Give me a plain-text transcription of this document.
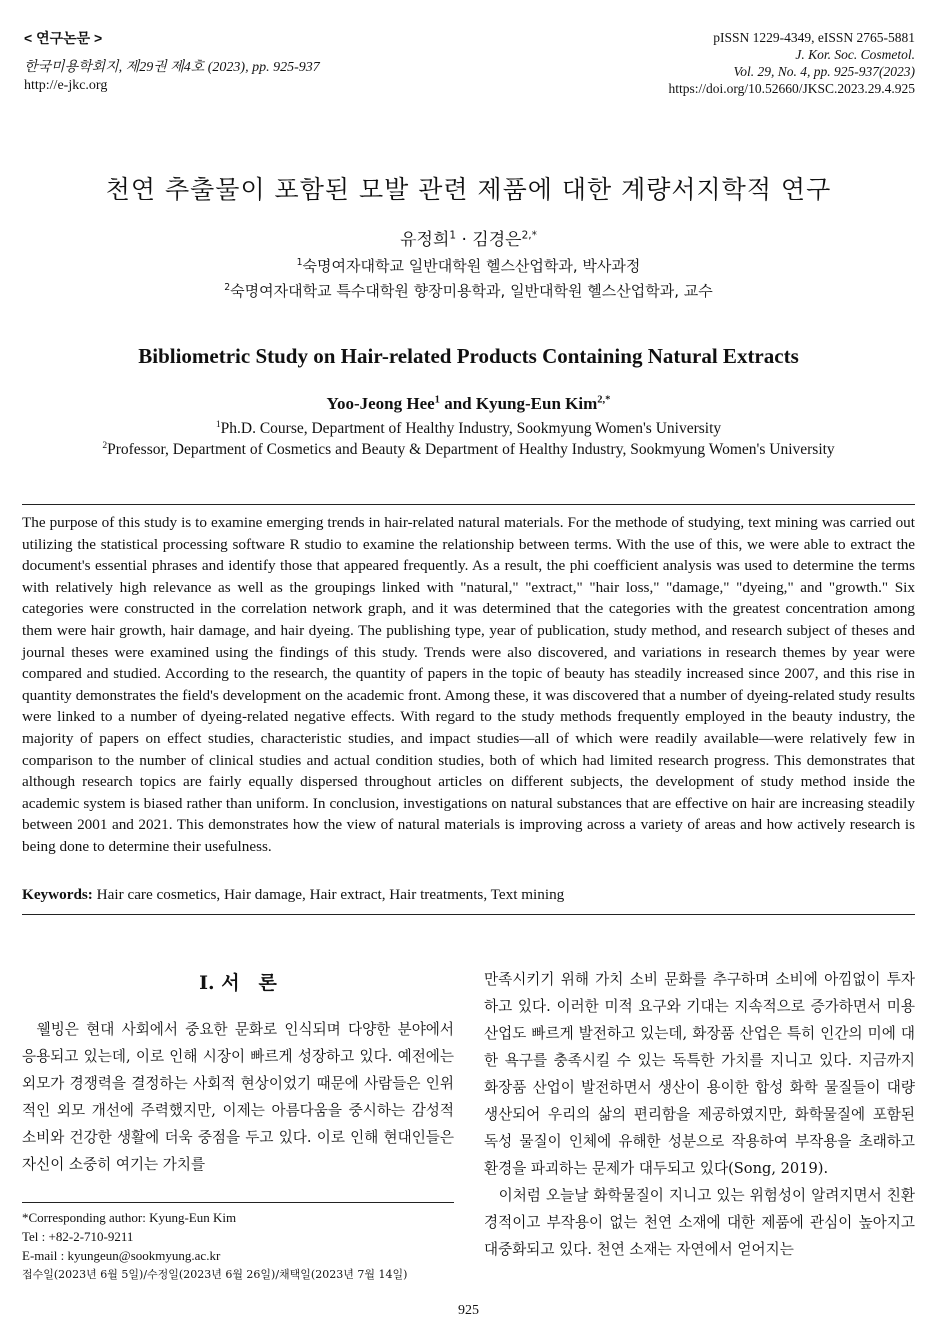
< 연구논문 >
한국미용학회지, 제29권 제4호 (2023), pp. 925-937
http://e-jkc.org
pISSN 1229-4349, eISSN 2765-5881
J. Kor. Soc. Cosmetol.
Vol. 29, No. 4, pp. 925-937(2023)
https://doi.org/10.52660/JKSC.2023.29.4.925
천연 추출물이 포함된 모발 관련 제품에 대한 계량서지학적 연구
유정희$^1$ · 김경은$^{2,*}$
$^1$숙명여자대학교 일반대학원 헬스산업학과, 박사과정
$^2$숙명여자대학교 특수대학원 향장미용학과, 일반대학원 헬스산업학과, 교수
Bibliometric Study on Hair-related Products Containing Natural Extracts
Yoo-Jeong Hee$^1$ and Kyung-Eun Kim$^{2,*}$
$^1$Ph.D. Course, Department of Healthy Industry, Sookmyung Women's University
$^2$Professor, Department of Cosmetics and Beauty & Department of Healthy Industry, Sookmyung Women's University
The purpose of this study is to examine emerging trends in hair-related natural materials. For the methode of studying, text mining was carried out utilizing the statistical processing software R studio to examine the relationship between terms. With the use of this, we were able to extract the document's essential phrases and identify those that appeared frequently. As a result, the phi coefficient analysis was used to determine the terms with relatively high relevance as well as the groupings linked with "natural," "extract," "hair loss," "damage," "dyeing," and "growth." Six categories were constructed in the correlation network graph, and it was determined that the categories with the greatest concentration among them were hair growth, hair damage, and hair dyeing. The publishing type, year of publication, study method, and research subject of theses and journal theses were examined using the findings of this study. Trends were also discovered, and variations in research themes by year were compared and studied. According to the research, the quantity of papers in the topic of beauty has steadily increased since 2007, and this rise in quantity demonstrates the field's development on the academic front. Among these, it was discovered that a number of dyeing-related study results were linked to a number of dyeing-related negative effects. With regard to the study methods frequently employed in the beauty industry, the majority of papers on effect studies, characteristic studies, and impact studies—all of which were readily available—were relatively few in comparison to the number of clinical studies and actual condition studies, both of which had limited research progress. This demonstrates that although research topics are fairly equally dispersed throughout articles on different subjects, the development of study method inside the academic system is biased rather than uniform. In conclusion, investigations on natural substances that are effective on hair are increasing steadily between 2001 and 2021. This demonstrates how the view of natural materials is improving across a variety of areas and how actively research is being done to determine their usefulness.
Keywords: Hair care cosmetics, Hair damage, Hair extract, Hair treatments, Text mining
I. 서　론
웰빙은 현대 사회에서 중요한 문화로 인식되며 다양한 분야에서 응용되고 있는데, 이로 인해 시장이 빠르게 성장하고 있다. 예전에는 외모가 경쟁력을 결정하는 사회적 현상이었기 때문에 사람들은 인위적인 외모 개선에 주력했지만, 이제는 아름다움을 중시하는 감성적 소비와 건강한 생활에 더욱 중점을 두고 있다. 이로 인해 현대인들은 자신이 소중히 여기는 가치를
*Corresponding author: Kyung-Eun Kim
Tel : +82-2-710-9211
E-mail : kyungeun@sookmyung.ac.kr
접수일(2023년 6월 5일)/수정일(2023년 6월 26일)/채택일(2023년 7월 14일)
만족시키기 위해 가치 소비 문화를 추구하며 소비에 아낌없이 투자하고 있다. 이러한 미적 요구와 기대는 지속적으로 증가하면서 미용산업도 빠르게 발전하고 있는데, 화장품 산업은 특히 인간의 미에 대한 욕구를 충족시킬 수 있는 독특한 가치를 지니고 있다. 지금까지 화장품 산업이 발전하면서 생산이 용이한 합성 화학 물질들이 대량 생산되어 우리의 삶의 편리함을 제공하였지만, 화학물질에 포함된 독성 물질이 인체에 유해한 성분으로 작용하여 부작용을 초래하고 환경을 파괴하는 문제가 대두되고 있다(Song, 2019).
이처럼 오늘날 화학물질이 지니고 있는 위험성이 알려지면서 친환경적이고 부작용이 없는 천연 소재에 대한 제품에 관심이 높아지고 대중화되고 있다. 천연 소재는 자연에서 얻어지는
925
